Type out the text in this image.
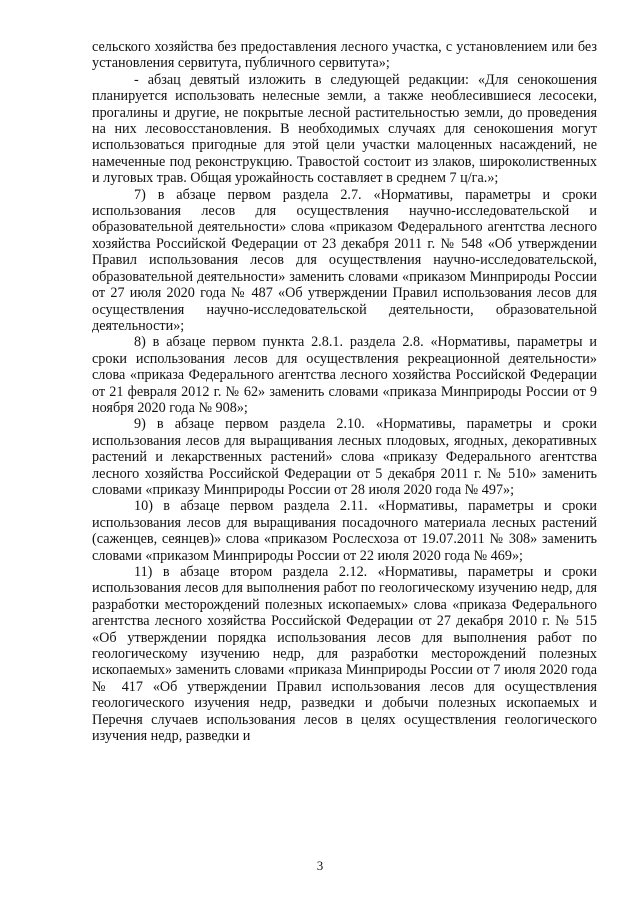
сельского хозяйства без предоставления лесного участка, с установлением или без установления сервитута, публичного сервитута»;

- абзац девятый изложить в следующей редакции: «Для сенокошения планируется использовать нелесные земли, а также необлесившиеся лесосеки, прогалины и другие, не покрытые лесной растительностью земли, до проведения на них лесовосстановления. В необходимых случаях для сенокошения могут использоваться пригодные для этой цели участки малоценных насаждений, не намеченные под реконструкцию. Травостой состоит из злаков, широколиственных и луговых трав. Общая урожайность составляет в среднем 7 ц/га.»;

7) в абзаце первом раздела 2.7. «Нормативы, параметры и сроки использования лесов для осуществления научно-исследовательской и образовательной деятельности» слова «приказом Федерального агентства лесного хозяйства Российской Федерации от 23 декабря 2011 г. № 548 «Об утверждении Правил использования лесов для осуществления научно-исследовательской, образовательной деятельности» заменить словами «приказом Минприроды России от 27 июля 2020 года № 487 «Об утверждении Правил использования лесов для осуществления научно-исследовательской деятельности, образовательной деятельности»;

8) в абзаце первом пункта 2.8.1. раздела 2.8. «Нормативы, параметры и сроки использования лесов для осуществления рекреационной деятельности» слова «приказа Федерального агентства лесного хозяйства Российской Федерации от 21 февраля 2012 г. № 62» заменить словами «приказа Минприроды России от 9 ноября 2020 года № 908»;

9) в абзаце первом раздела 2.10. «Нормативы, параметры и сроки использования лесов для выращивания лесных плодовых, ягодных, декоративных растений и лекарственных растений» слова «приказу Федерального агентства лесного хозяйства Российской Федерации от 5 декабря 2011 г. № 510» заменить словами «приказу Минприроды России от 28 июля 2020 года № 497»;

10) в абзаце первом раздела 2.11. «Нормативы, параметры и сроки использования лесов для выращивания посадочного материала лесных растений (саженцев, сеянцев)» слова «приказом Рослесхоза от 19.07.2011 № 308» заменить словами «приказом Минприроды России от 22 июля 2020 года № 469»;

11) в абзаце втором раздела 2.12. «Нормативы, параметры и сроки использования лесов для выполнения работ по геологическому изучению недр, для разработки месторождений полезных ископаемых» слова «приказа Федерального агентства лесного хозяйства Российской Федерации от 27 декабря 2010 г. № 515 «Об утверждении порядка использования лесов для выполнения работ по геологическому изучению недр, для разработки месторождений полезных ископаемых» заменить словами «приказа Минприроды России от 7 июля 2020 года № 417 «Об утверждении Правил использования лесов для осуществления геологического изучения недр, разведки и добычи полезных ископаемых и Перечня случаев использования лесов в целях осуществления геологического изучения недр, разведки и

3
